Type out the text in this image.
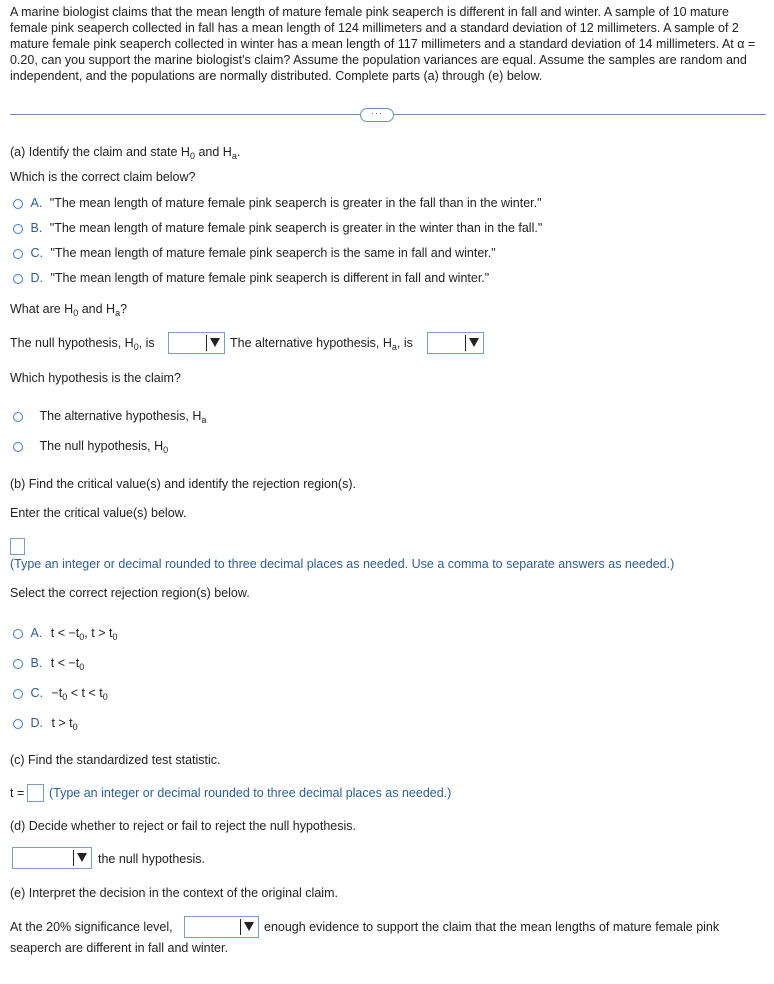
A marine biologist claims that the mean length of mature female pink seaperch is different in fall and winter. A sample of 10 mature female pink seaperch collected in fall has a mean length of 124 millimeters and a standard deviation of 12 millimeters. A sample of 2 mature female pink seaperch collected in winter has a mean length of 117 millimeters and a standard deviation of 14 millimeters. At α = 0.20, can you support the marine biologist's claim? Assume the population variances are equal. Assume the samples are random and independent, and the populations are normally distributed. Complete parts (a) through (e) below.
···
(a) Identify the claim and state $H_0$ and $H_a$.
Which is the correct claim below?
A. "The mean length of mature female pink seaperch is greater in the fall than in the winter."
B. "The mean length of mature female pink seaperch is greater in the winter than in the fall."
C. "The mean length of mature female pink seaperch is the same in fall and winter."
D. "The mean length of mature female pink seaperch is different in fall and winter."
What are $H_0$ and $H_a$?
The null hypothesis, $H_0$, is	The alternative hypothesis, $H_a$, is
Which hypothesis is the claim?
The alternative hypothesis, $H_a$
The null hypothesis, $H_0$
(b) Find the critical value(s) and identify the rejection region(s).
Enter the critical value(s) below.
(Type an integer or decimal rounded to three decimal places as needed. Use a comma to separate answers as needed.)
Select the correct rejection region(s) below.
A. $t < -t_0$, $t > t_0$
B. $t < -t_0$
C. $-t_0 < t < t_0$
D. $t > t_0$
(c) Find the standardized test statistic.
t = (Type an integer or decimal rounded to three decimal places as needed.)
(d) Decide whether to reject or fail to reject the null hypothesis.
the null hypothesis.
(e) Interpret the decision in the context of the original claim.
At the 20% significance level,	enough evidence to support the claim that the mean lengths of mature female pink
seaperch are different in fall and winter.
